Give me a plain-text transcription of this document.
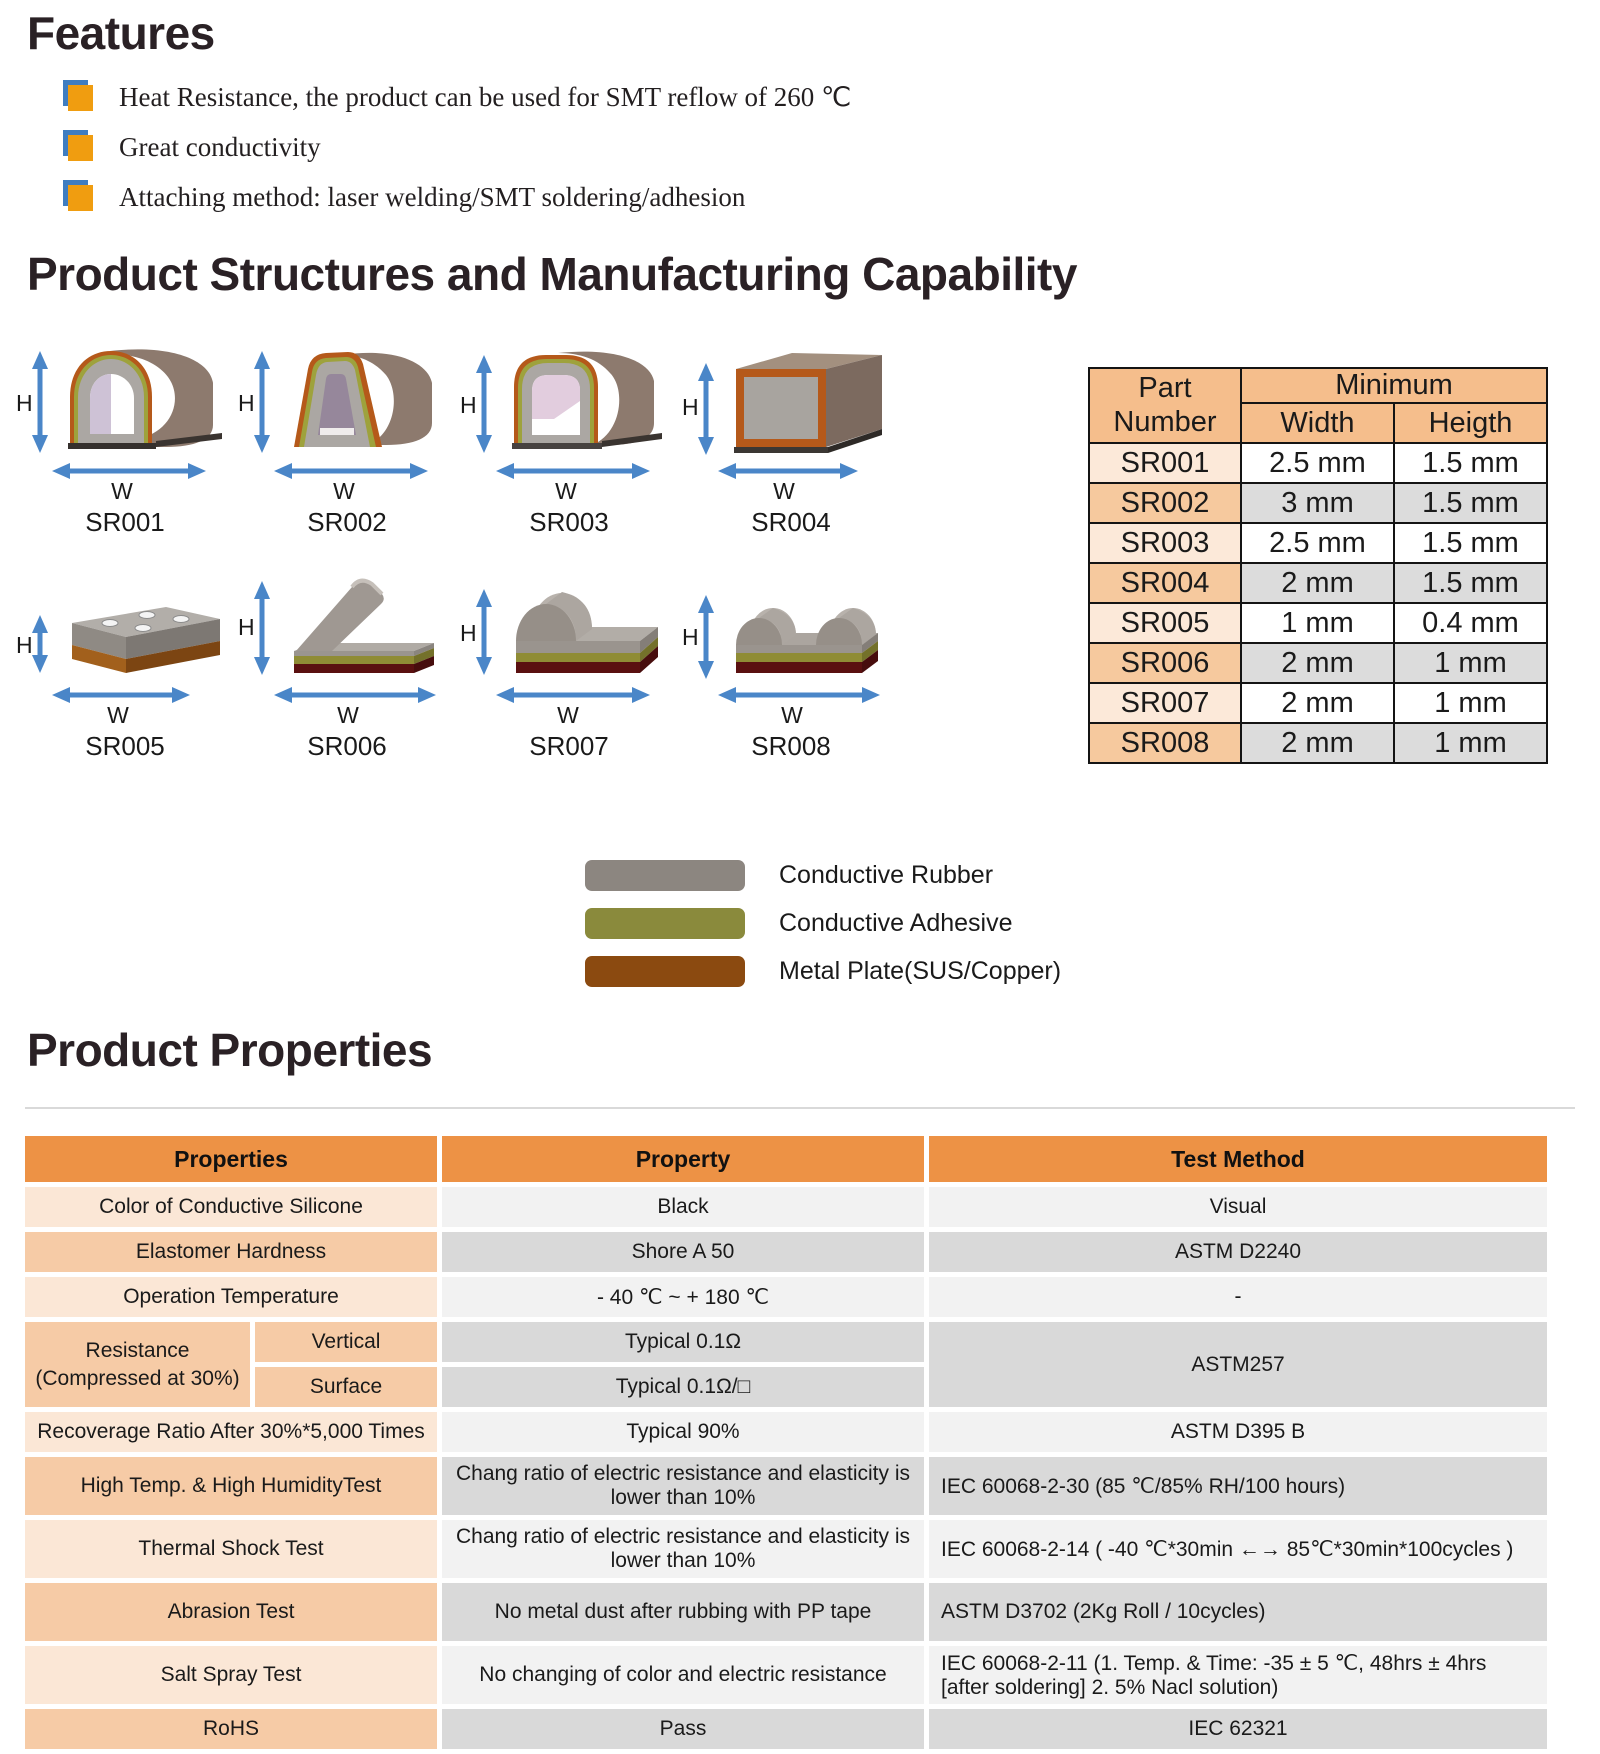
Features
Heat Resistance, the product can be used for SMT reflow of 260 ℃
Great conductivity
Attaching method: laser welding/SMT soldering/adhesion
Product Structures and Manufacturing Capability
H
W
SR001
H
W
SR002
H
W
SR003
H
W
SR004
H
W
SR005
H
W
SR006
H
W
SR007
H
W
SR008
Part Number	Minimum	
	Width	Heigth
SR001	2.5 mm	1.5 mm
SR002	3 mm	1.5 mm
SR003	2.5 mm	1.5 mm
SR004	2 mm	1.5 mm
SR005	1 mm	0.4 mm
SR006	2 mm	1 mm
SR007	2 mm	1 mm
SR008	2 mm	1 mm
Conductive Rubber
Conductive Adhesive
Metal Plate(SUS/Copper)
Product Properties
Properties		Property	Test Method
Color of Conductive Silicone		Black	Visual
Elastomer Hardness		Shore A 50	ASTM D2240
Operation Temperature		- 40 ℃ ~ + 180 ℃	-

Resistance
(Compressed at 30%)	Vertical	Typical 0.1Ω	ASTM257
	Surface	Typical 0.1Ω/□	
Recoverage Ratio After 30%*5,000 Times		Typical 90%	ASTM D395 B
High Temp. & High HumidityTest		Chang ratio of electric resistance and elasticity is lower than 10%	IEC 60068-2-30 (85 ℃/85% RH/100 hours)
Thermal Shock Test		Chang ratio of electric resistance and elasticity is lower than 10%	IEC 60068-2-14 ( -40 ℃*30min ←→ 85℃*30min*100cycles )
Abrasion Test		No metal dust after rubbing with PP tape	ASTM D3702 (2Kg Roll / 10cycles)
Salt Spray Test		No changing of color and electric resistance	IEC 60068-2-11 (1. Temp. & Time: -35 ± 5 ℃, 48hrs ± 4hrs [after soldering] 2. 5% Nacl solution)
RoHS		Pass	IEC 62321
